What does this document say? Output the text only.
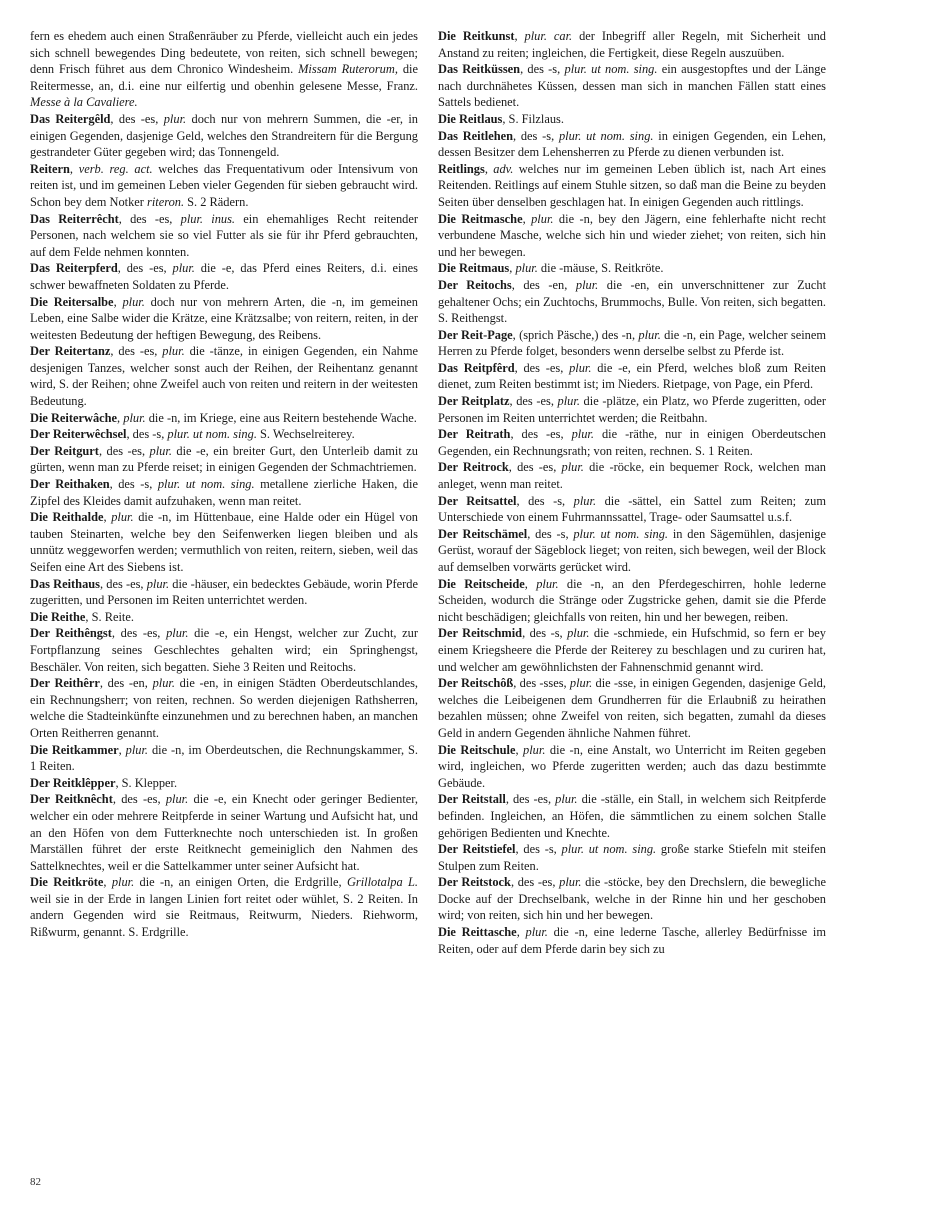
fern es ehedem auch einen Straßenräuber zu Pferde, vielleicht auch ein jedes sich schnell bewegendes Ding bedeutete, von reiten, sich schnell bewegen; denn Frisch führet aus dem Chronico Windesheim. Missam Ruterorum, die Reitermesse, an, d.i. eine nur eilfertig und obenhin gelesene Messe, Franz. Messe à la Cavaliere.

Das Reitergêld, des -es, plur. doch nur von mehrern Summen, die -er, in einigen Gegenden, dasjenige Geld, welches den Strandreitern für die Bergung gestrandeter Güter gegeben wird; das Tonnengeld.

Reitern, verb. reg. act. welches das Frequentativum oder Intensivum von reiten ist, und im gemeinen Leben vieler Gegenden für sieben gebraucht wird. Schon bey dem Notker riteron. S. 2 Rädern.

Das Reiterrêcht, des -es, plur. inus. ein ehemahliges Recht reitender Personen, nach welchem sie so viel Futter als sie für ihr Pferd gebrauchten, auf dem Felde nehmen konnten.

Das Reiterpferd, des -es, plur. die -e, das Pferd eines Reiters, d.i. eines schwer bewaffneten Soldaten zu Pferde.

Die Reitersalbe, plur. doch nur von mehrern Arten, die -n, im gemeinen Leben, eine Salbe wider die Krätze, eine Krätzsalbe; von reitern, reiten, in der weitesten Bedeutung der heftigen Bewegung, des Reibens.

Der Reitertanz, des -es, plur. die -tänze, in einigen Gegenden, ein Nahme desjenigen Tanzes, welcher sonst auch der Reihen, der Reihentanz genannt wird, S. der Reihen; ohne Zweifel auch von reiten und reitern in der weitesten Bedeutung.

Die Reiterwâche, plur. die -n, im Kriege, eine aus Reitern bestehende Wache.

Der Reiterwêchsel, des -s, plur. ut nom. sing. S. Wechselreiterey.

Der Reitgurt, des -es, plur. die -e, ein breiter Gurt, den Unterleib damit zu gürten, wenn man zu Pferde reiset; in einigen Gegenden der Schmachtriemen.

Der Reithaken, des -s, plur. ut nom. sing. metallene zierliche Haken, die Zipfel des Kleides damit aufzuhaken, wenn man reitet.

Die Reithalde, plur. die -n, im Hüttenbaue, eine Halde oder ein Hügel von tauben Steinarten, welche bey den Seifenwerken liegen bleiben und als unnütz weggeworfen werden; vermuthlich von reiten, reitern, sieben, weil das Seifen eine Art des Siebens ist.

Das Reithaus, des -es, plur. die -häuser, ein bedecktes Gebäude, worin Pferde zugeritten, und Personen im Reiten unterrichtet werden.

Die Reithe, S. Reite.

Der Reithêngst, des -es, plur. die -e, ein Hengst, welcher zur Zucht, zur Fortpflanzung seines Geschlechtes gehalten wird; ein Springhengst, Beschäler. Von reiten, sich begatten. Siehe 3 Reiten und Reitochs.

Der Reithêrr, des -en, plur. die -en, in einigen Städten Oberdeutschlandes, ein Rechnungsherr; von reiten, rechnen. So werden diejenigen Rathsherren, welche die Stadteinkünfte einzunehmen und zu berechnen haben, an manchen Orten Reitherren genannt.

Die Reitkammer, plur. die -n, im Oberdeutschen, die Rechnungskammer, S. 1 Reiten.

Der Reitklêpper, S. Klepper.

Der Reitknêcht, des -es, plur. die -e, ein Knecht oder geringer Bedienter, welcher ein oder mehrere Reitpferde in seiner Wartung und Aufsicht hat, und an den Höfen von dem Futterknechte noch unterschieden ist. In großen Marställen führet der erste Reitknecht gemeiniglich den Nahmen des Sattelknechtes, weil er die Sattelkammer unter seiner Aufsicht hat.

Die Reitkröte, plur. die -n, an einigen Orten, die Erdgrille, Grillotalpa L. weil sie in der Erde in langen Linien fort reitet oder wühlet, S. 2 Reiten. In andern Gegenden wird sie Reitmaus, Reitwurm, Nieders. Riehworm, Rißwurm, genannt. S. Erdgrille.

Die Reitkunst, plur. car. der Inbegriff aller Regeln, mit Sicherheit und Anstand zu reiten; ingleichen, die Fertigkeit, diese Regeln auszuüben.

Das Reitküssen, des -s, plur. ut nom. sing. ein ausgestopftes und der Länge nach durchnähetes Küssen, dessen man sich in manchen Fällen statt eines Sattels bedienet.

Die Reitlaus, S. Filzlaus.

Das Reitlehen, des -s, plur. ut nom. sing. in einigen Gegenden, ein Lehen, dessen Besitzer dem Lehensherren zu Pferde zu dienen verbunden ist.

Reitlings, adv. welches nur im gemeinen Leben üblich ist, nach Art eines Reitenden. Reitlings auf einem Stuhle sitzen, so daß man die Beine zu beyden Seiten über denselben geschlagen hat. In einigen Gegenden auch rittlings.

Die Reitmasche, plur. die -n, bey den Jägern, eine fehlerhafte nicht recht verbundene Masche, welche sich hin und wieder ziehet; von reiten, sich hin und her bewegen.

Die Reitmaus, plur. die -mäuse, S. Reitkröte.

Der Reitochs, des -en, plur. die -en, ein unverschnittener zur Zucht gehaltener Ochs; ein Zuchtochs, Brummochs, Bulle. Von reiten, sich begatten. S. Reithengst.

Der Reit-Page, (sprich Päsche,) des -n, plur. die -n, ein Page, welcher seinem Herren zu Pferde folget, besonders wenn derselbe selbst zu Pferde ist.

Das Reitpfêrd, des -es, plur. die -e, ein Pferd, welches bloß zum Reiten dienet, zum Reiten bestimmt ist; im Nieders. Rietpage, von Page, ein Pferd.

Der Reitplatz, des -es, plur. die -plätze, ein Platz, wo Pferde zugeritten, oder Personen im Reiten unterrichtet werden; die Reitbahn.

Der Reitrath, des -es, plur. die -räthe, nur in einigen Oberdeutschen Gegenden, ein Rechnungsrath; von reiten, rechnen. S. 1 Reiten.

Der Reitrock, des -es, plur. die -röcke, ein bequemer Rock, welchen man anleget, wenn man reitet.

Der Reitsattel, des -s, plur. die -sättel, ein Sattel zum Reiten; zum Unterschiede von einem Fuhrmannssattel, Trage- oder Saumsattel u.s.f.

Der Reitschämel, des -s, plur. ut nom. sing. in den Sägemühlen, dasjenige Gerüst, worauf der Sägeblock lieget; von reiten, sich bewegen, weil der Block auf demselben vorwärts gerücket wird.

Die Reitscheide, plur. die -n, an den Pferdegeschirren, hohle lederne Scheiden, wodurch die Stränge oder Zugstricke gehen, damit sie die Pferde nicht beschädigen; gleichfalls von reiten, hin und her bewegen, reiben.

Der Reitschmid, des -s, plur. die -schmiede, ein Hufschmid, so fern er bey einem Kriegsheere die Pferde der Reiterey zu beschlagen und zu curiren hat, und welcher am gewöhnlichsten der Fahnenschmid genannt wird.

Der Reitschôß, des -sses, plur. die -sse, in einigen Gegenden, dasjenige Geld, welches die Leibeigenen dem Grundherren für die Erlaubniß zu heirathen bezahlen müssen; ohne Zweifel von reiten, sich begatten, zumahl da dieses Geld in andern Gegenden ähnliche Nahmen führet.

Die Reitschule, plur. die -n, eine Anstalt, wo Unterricht im Reiten gegeben wird, ingleichen, wo Pferde zugeritten werden; auch das dazu bestimmte Gebäude.

Der Reitstall, des -es, plur. die -ställe, ein Stall, in welchem sich Reitpferde befinden. Ingleichen, an Höfen, die sämmtlichen zu einem solchen Stalle gehörigen Bedienten und Knechte.

Der Reitstiefel, des -s, plur. ut nom. sing. große starke Stiefeln mit steifen Stulpen zum Reiten.

Der Reitstock, des -es, plur. die -stöcke, bey den Drechslern, die bewegliche Docke auf der Drechselbank, welche in der Rinne hin und her geschoben wird; von reiten, sich hin und her bewegen.

Die Reittasche, plur. die -n, eine lederne Tasche, allerley Bedürfnisse im Reiten, oder auf dem Pferde darin bey sich zu

82
